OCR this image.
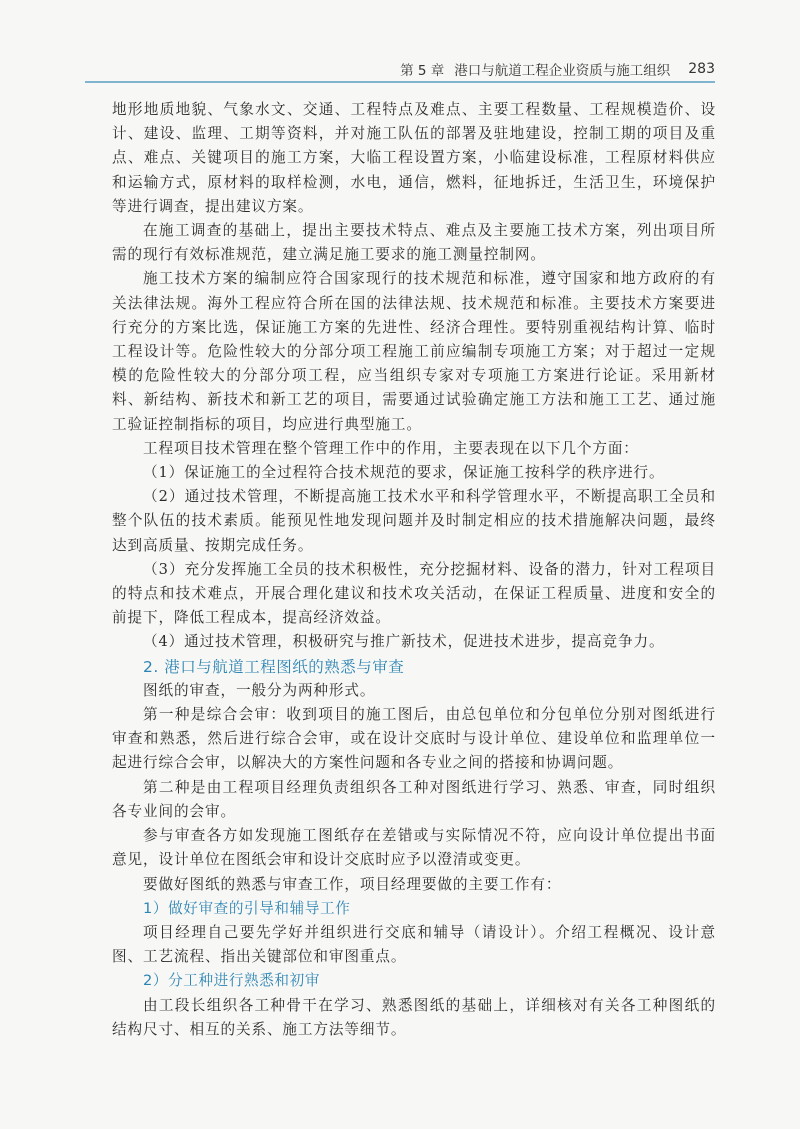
第 5 章 港口与航道工程企业资质与施工组织 283

地形地质地貌、气象水文、交通、工程特点及难点、主要工程数量、工程规模造价、设计、建设、监理、工期等资料，并对施工队伍的部署及驻地建设，控制工期的项目及重点、难点、关键项目的施工方案，大临工程设置方案，小临建设标准，工程原材料供应和运输方式，原材料的取样检测，水电，通信，燃料，征地拆迁，生活卫生，环境保护等进行调查，提出建议方案。

在施工调查的基础上，提出主要技术特点、难点及主要施工技术方案，列出项目所需的现行有效标准规范，建立满足施工要求的施工测量控制网。

施工技术方案的编制应符合国家现行的技术规范和标准，遵守国家和地方政府的有关法律法规。海外工程应符合所在国的法律法规、技术规范和标准。主要技术方案要进行充分的方案比选，保证施工方案的先进性、经济合理性。要特别重视结构计算、临时工程设计等。危险性较大的分部分项工程施工前应编制专项施工方案；对于超过一定规模的危险性较大的分部分项工程，应当组织专家对专项施工方案进行论证。采用新材料、新结构、新技术和新工艺的项目，需要通过试验确定施工方法和施工工艺、通过施工验证控制指标的项目，均应进行典型施工。

工程项目技术管理在整个管理工作中的作用，主要表现在以下几个方面：

（1）保证施工的全过程符合技术规范的要求，保证施工按科学的秩序进行。

（2）通过技术管理，不断提高施工技术水平和科学管理水平，不断提高职工全员和整个队伍的技术素质。能预见性地发现问题并及时制定相应的技术措施解决问题，最终达到高质量、按期完成任务。

（3）充分发挥施工全员的技术积极性，充分挖掘材料、设备的潜力，针对工程项目的特点和技术难点，开展合理化建议和技术攻关活动，在保证工程质量、进度和安全的前提下，降低工程成本，提高经济效益。

（4）通过技术管理，积极研究与推广新技术，促进技术进步，提高竞争力。

2. 港口与航道工程图纸的熟悉与审查

图纸的审查，一般分为两种形式。

第一种是综合会审：收到项目的施工图后，由总包单位和分包单位分别对图纸进行审查和熟悉，然后进行综合会审，或在设计交底时与设计单位、建设单位和监理单位一起进行综合会审，以解决大的方案性问题和各专业之间的搭接和协调问题。

第二种是由工程项目经理负责组织各工种对图纸进行学习、熟悉、审查，同时组织各专业间的会审。

参与审查各方如发现施工图纸存在差错或与实际情况不符，应向设计单位提出书面意见，设计单位在图纸会审和设计交底时应予以澄清或变更。

要做好图纸的熟悉与审查工作，项目经理要做的主要工作有：

1）做好审查的引导和辅导工作

项目经理自己要先学好并组织进行交底和辅导（请设计）。介绍工程概况、设计意图、工艺流程、指出关键部位和审图重点。

2）分工种进行熟悉和初审

由工段长组织各工种骨干在学习、熟悉图纸的基础上，详细核对有关各工种图纸的结构尺寸、相互的关系、施工方法等细节。
